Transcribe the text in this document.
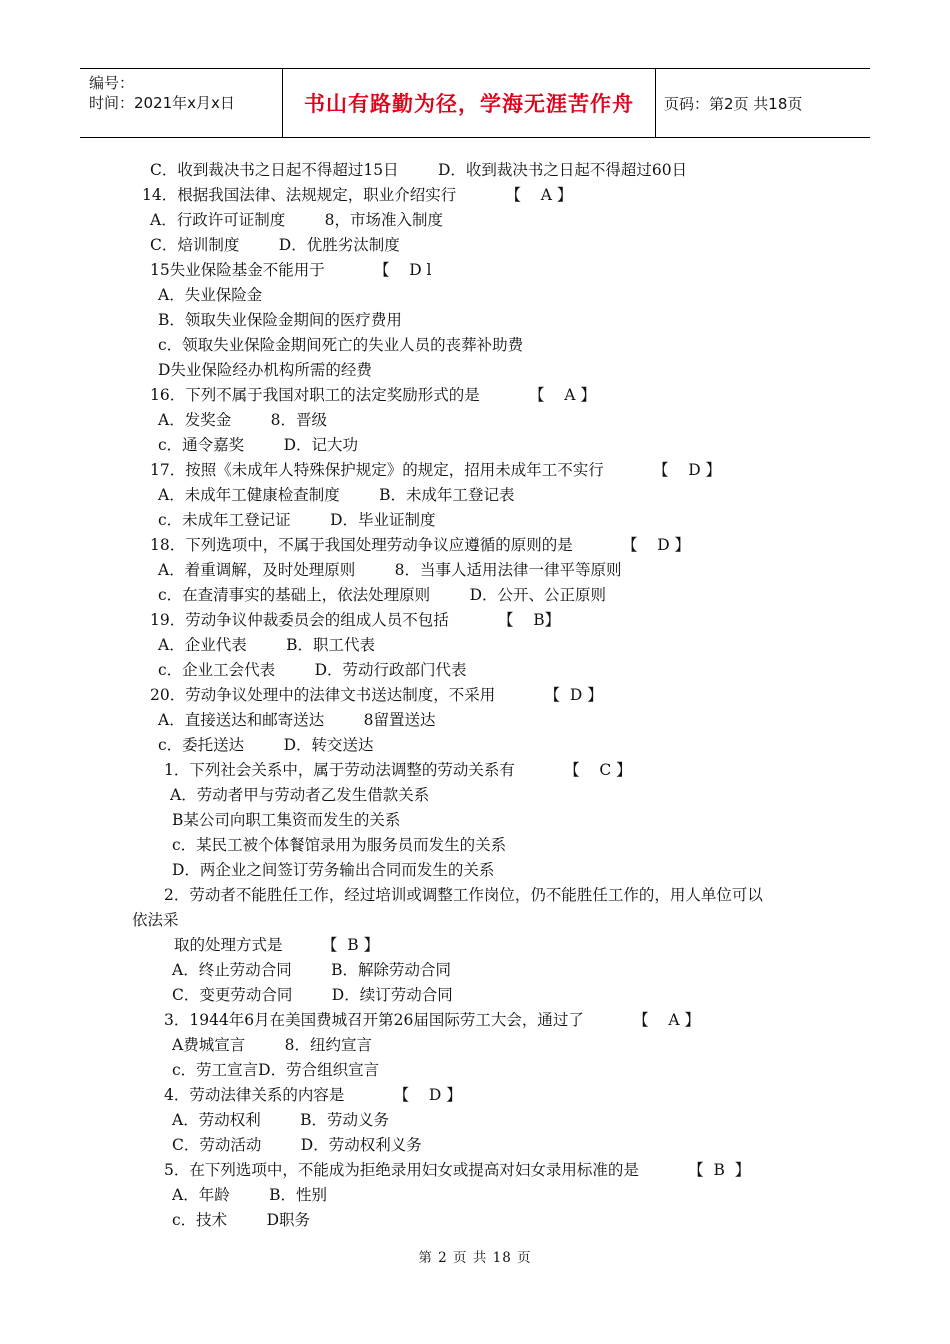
编号：
时间：2021年x月x日	书山有路勤为径，学海无涯苦作舟	页码：第2页 共18页
C．收到裁决书之日起不得超过15日        D．收到裁决书之日起不得超过60日
14．根据我国法律、法规规定，职业介绍实行          【    A 】
A．行政许可证制度        8，市场准入制度
C．焙训制度        D．优胜劣汰制度
15失业保险基金不能用于          【    D l
A．失业保险金
B．领取失业保险金期间的医疗费用
c．领取失业保险金期间死亡的失业人员的丧葬补助费
D失业保险经办机构所需的经费
16．下列不属于我国对职工的法定奖励形式的是          【    A 】
A．发奖金        8．晋级
c．通令嘉奖        D．记大功
17．按照《未成年人特殊保护规定》的规定，招用未成年工不实行          【    D 】
A．未成年工健康检查制度        B．未成年工登记表
c．未成年工登记证        D．毕业证制度
18．下列选项中，不属于我国处理劳动争议应遵循的原则的是          【    D 】
A．着重调解，及时处理原则        8．当事人适用法律一律平等原则
c．在查清事实的基础上，依法处理原则        D．公开、公正原则
19．劳动争议仲裁委员会的组成人员不包括          【    B】
A．企业代表        B．职工代表
c．企业工会代表        D．劳动行政部门代表
20．劳动争议处理中的法律文书送达制度，不采用          【  D 】
A．直接送达和邮寄送达        8留置送达
c．委托送达        D．转交送达
1．下列社会关系中，属于劳动法调整的劳动关系有          【    C 】
A．劳动者甲与劳动者乙发生借款关系
B某公司向职工集资而发生的关系
c．某民工被个体餐馆录用为服务员而发生的关系
D．两企业之间签订劳务输出合同而发生的关系
2．劳动者不能胜任工作，经过培训或调整工作岗位，仍不能胜任工作的，用人单位可以
依法采
取的处理方式是        【  B 】
A．终止劳动合同        B．解除劳动合同
C．变更劳动合同        D．续订劳动合同
3．1944年6月在美国费城召开第26届国际劳工大会，通过了          【    A 】
A费城宣言        8．纽约宣言
c．劳工宣言D．劳合组织宣言
4．劳动法律关系的内容是          【    D 】
A．劳动权利        B．劳动义务
C．劳动活动        D．劳动权利义务
5．在下列选项中，不能成为拒绝录用妇女或提高对妇女录用标准的是          【  B  】
A．年龄        B．性别
c．技术        D职务
第 2 页 共 18 页
